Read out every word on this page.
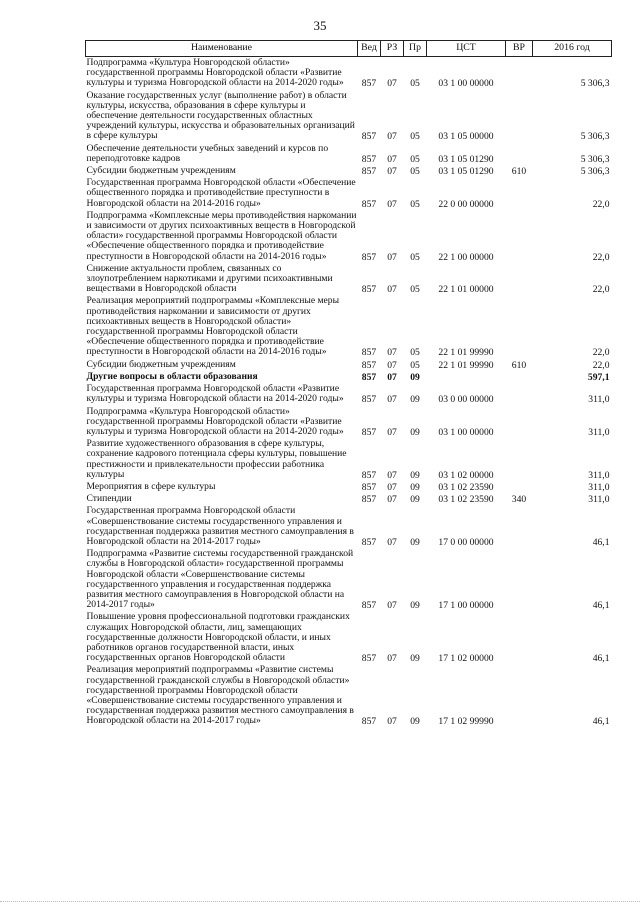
35
Наименование	Вед	РЗ	Пр	ЦСТ	ВР	2016 год
Подпрограмма «Культура Новгородской области» государственной программы Новгородской области «Развитие культуры и туризма Новгородской области на 2014-2020 годы»	857	07	05	03 1 00 00000		5 306,3
Оказание государственных услуг (выполнение работ) в области культуры, искусства, образования в сфере культуры и обеспечение деятельности государственных областных учреждений культуры, искусства и образовательных организаций в сфере культуры	857	07	05	03 1 05 00000		5 306,3
Обеспечение деятельности учебных заведений и курсов по переподготовке кадров	857	07	05	03 1 05 01290		5 306,3
Субсидии бюджетным учреждениям	857	07	05	03 1 05 01290	610	5 306,3
Государственная программа Новгородской области «Обеспечение общественного порядка и противодействие преступности в Новгородской области на 2014-2016 годы»	857	07	05	22 0 00 00000		22,0
Подпрограмма «Комплексные меры противодействия наркомании и зависимости от других психоактивных веществ в Новгородской области» государственной программы Новгородской области «Обеспечение общественного порядка и противодействие преступности в Новгородской области на 2014-2016 годы»	857	07	05	22 1 00 00000		22,0
Снижение актуальности проблем, связанных со злоупотреблением наркотиками и другими психоактивными веществами в Новгородской области	857	07	05	22 1 01 00000		22,0
Реализация мероприятий подпрограммы «Комплексные меры противодействия наркомании и зависимости от других психоактивных веществ в Новгородской области» государственной программы Новгородской области «Обеспечение общественного порядка и противодействие преступности в Новгородской области на 2014-2016 годы»	857	07	05	22 1 01 99990		22,0
Субсидии бюджетным учреждениям	857	07	05	22 1 01 99990	610	22,0
Другие вопросы в области образования	857	07	09			597,1
Государственная программа Новгородской области «Развитие культуры и туризма Новгородской области на 2014-2020 годы»	857	07	09	03 0 00 00000		311,0
Подпрограмма «Культура Новгородской области» государственной программы Новгородской области «Развитие культуры и туризма Новгородской области на 2014-2020 годы»	857	07	09	03 1 00 00000		311,0
Развитие художественного образования в сфере культуры, сохранение кадрового потенциала сферы культуры, повышение престижности и привлекательности профессии работника культуры	857	07	09	03 1 02 00000		311,0
Мероприятия в сфере культуры	857	07	09	03 1 02 23590		311,0
Стипендии	857	07	09	03 1 02 23590	340	311,0
Государственная программа Новгородской области «Совершенствование системы государственного управления и государственная поддержка развития местного самоуправления в Новгородской области на 2014-2017 годы»	857	07	09	17 0 00 00000		46,1
Подпрограмма «Развитие системы государственной гражданской службы в Новгородской области» государственной программы Новгородской области «Совершенствование системы государственного управления и государственная поддержка развития местного самоуправления в Новгородской области на 2014-2017 годы»	857	07	09	17 1 00 00000		46,1
Повышение уровня профессиональной подготовки гражданских служащих Новгородской области, лиц, замещающих государственные должности Новгородской области, и иных работников органов государственной власти, иных государственных органов Новгородской области	857	07	09	17 1 02 00000		46,1
Реализация мероприятий подпрограммы «Развитие системы государственной гражданской службы в Новгородской области» государственной программы Новгородской области «Совершенствование системы государственного управления и государственная поддержка развития местного самоуправления в Новгородской области на 2014-2017 годы»	857	07	09	17 1 02 99990		46,1
